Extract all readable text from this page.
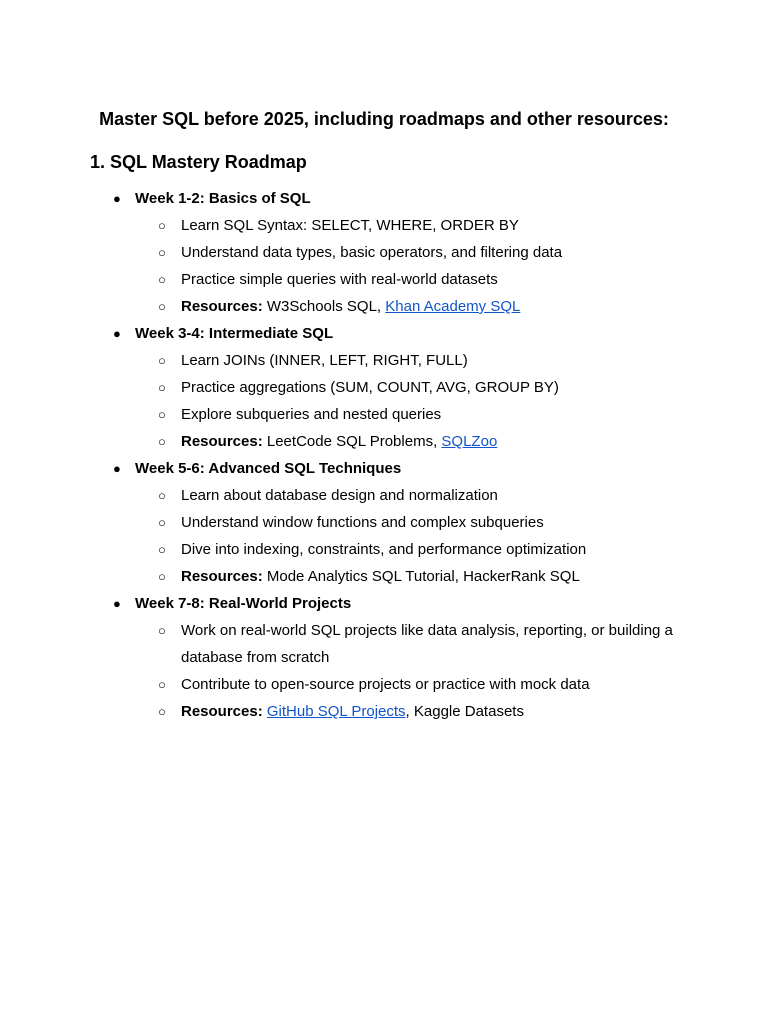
Master SQL before 2025, including roadmaps and other resources:
1. SQL Mastery Roadmap
● Week 1-2: Basics of SQL
○ Learn SQL Syntax: SELECT, WHERE, ORDER BY
○ Understand data types, basic operators, and filtering data
○ Practice simple queries with real-world datasets
○ Resources: W3Schools SQL, Khan Academy SQL
● Week 3-4: Intermediate SQL
○ Learn JOINs (INNER, LEFT, RIGHT, FULL)
○ Practice aggregations (SUM, COUNT, AVG, GROUP BY)
○ Explore subqueries and nested queries
○ Resources: LeetCode SQL Problems, SQLZoo
● Week 5-6: Advanced SQL Techniques
○ Learn about database design and normalization
○ Understand window functions and complex subqueries
○ Dive into indexing, constraints, and performance optimization
○ Resources: Mode Analytics SQL Tutorial, HackerRank SQL
● Week 7-8: Real-World Projects
○ Work on real-world SQL projects like data analysis, reporting, or building a database from scratch
○ Contribute to open-source projects or practice with mock data
○ Resources: GitHub SQL Projects, Kaggle Datasets
